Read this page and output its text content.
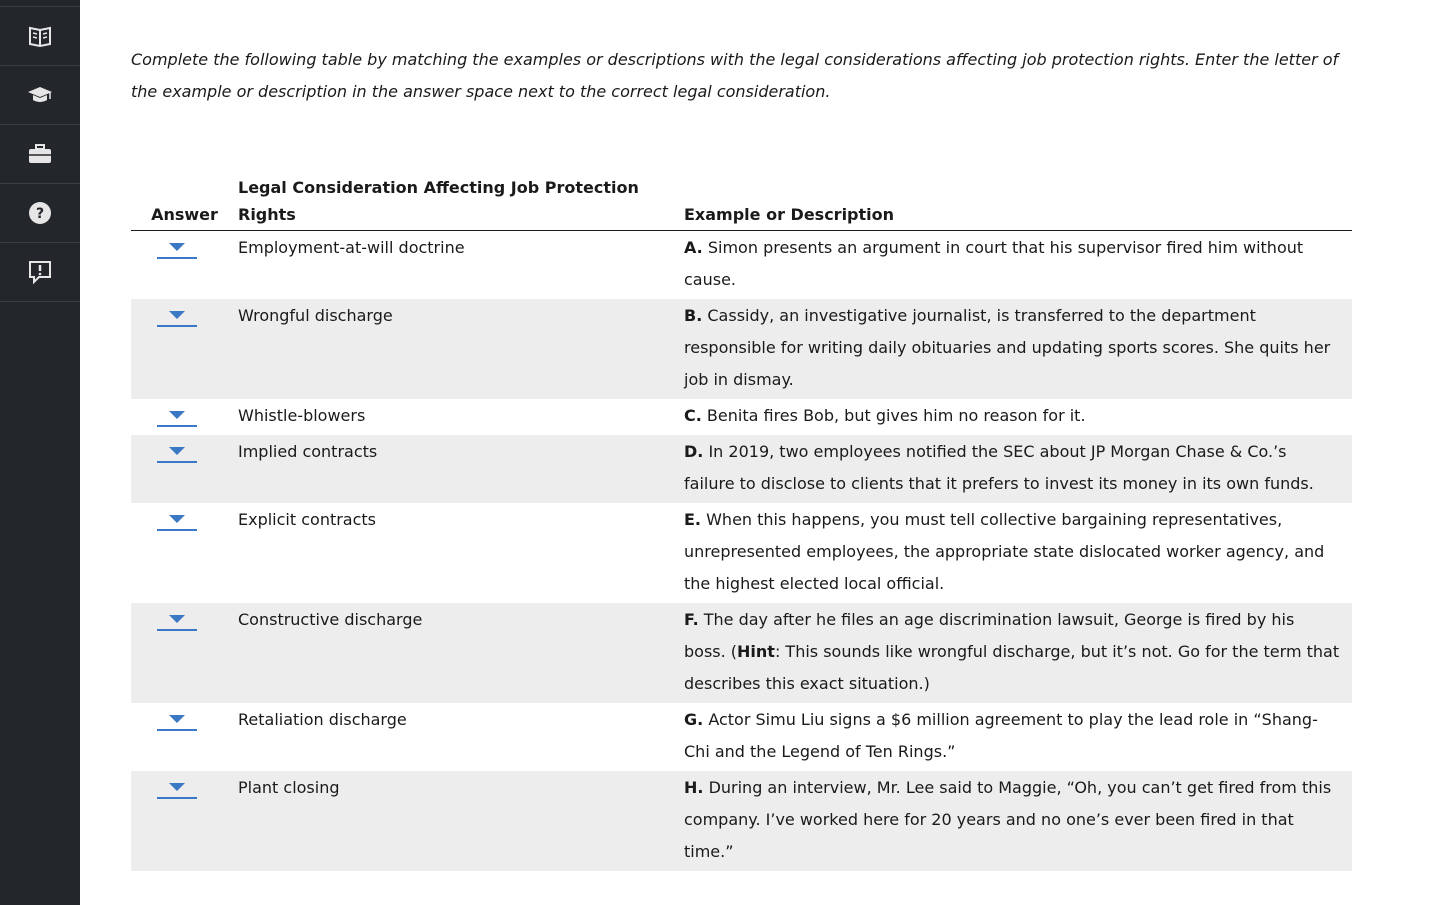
?

Complete the following table by matching the examples or descriptions with the legal considerations affecting job protection rights. Enter the letter of the example or description in the answer space next to the correct legal consideration.

Answer	Legal Consideration Affecting Job Protection Rights	Example or Description
	Employment-at-will doctrine	A. Simon presents an argument in court that his supervisor fired him without cause.
	Wrongful discharge	B. Cassidy, an investigative journalist, is transferred to the department responsible for writing daily obituaries and updating sports scores. She quits her job in dismay.
	Whistle-blowers	C. Benita fires Bob, but gives him no reason for it.
	Implied contracts	D. In 2019, two employees notified the SEC about JP Morgan Chase & Co.’s failure to disclose to clients that it prefers to invest its money in its own funds.
	Explicit contracts	E. When this happens, you must tell collective bargaining representatives, unrepresented employees, the appropriate state dislocated worker agency, and the highest elected local official.
	Constructive discharge	F. The day after he files an age discrimination lawsuit, George is fired by his boss. (Hint: This sounds like wrongful discharge, but it’s not. Go for the term that describes this exact situation.)
	Retaliation discharge	G. Actor Simu Liu signs a $6 million agreement to play the lead role in “Shang-Chi and the Legend of Ten Rings.”
	Plant closing	H. During an interview, Mr. Lee said to Maggie, “Oh, you can’t get fired from this company. I’ve worked here for 20 years and no one’s ever been fired in that time.”
